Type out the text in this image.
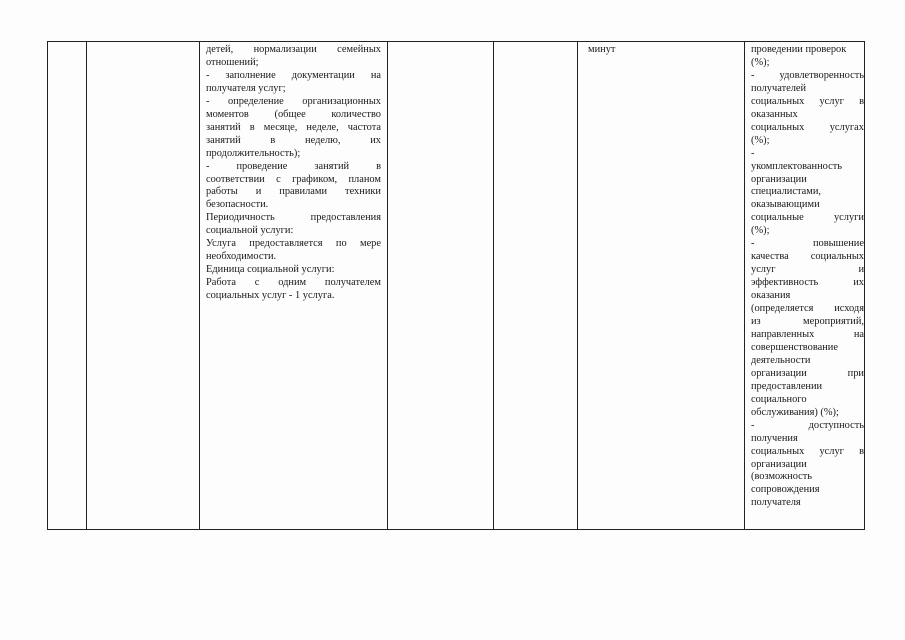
детей, нормализации семейных
отношений;
- заполнение документации на
получателя услуг;
- определение организационных
моментов (общее количество
занятий в месяце, неделе, частота
занятий в неделю, их
продолжительность);
- проведение занятий в
соответствии с графиком, планом
работы и правилами техники
безопасности.
Периодичность предоставления
социальной услуги:
Услуга предоставляется по мере
необходимости.
Единица социальной услуги:
Работа с одним получателем
социальных услуг - 1 услуга.
минут	проведении проверок
(%);
- удовлетворенность
получателей
социальных услуг в
оказанных
социальных услугах
(%);
-
укомплектованность
организации
специалистами,
оказывающими
социальные услуги
(%);
- повышение
качества социальных
услуг и
эффективность их
оказания
(определяется исходя
из мероприятий,
направленных на
совершенствование
деятельности
организации при
предоставлении
социального
обслуживания) (%);
- доступность
получения
социальных услуг в
организации
(возможность
сопровождения
получателя
